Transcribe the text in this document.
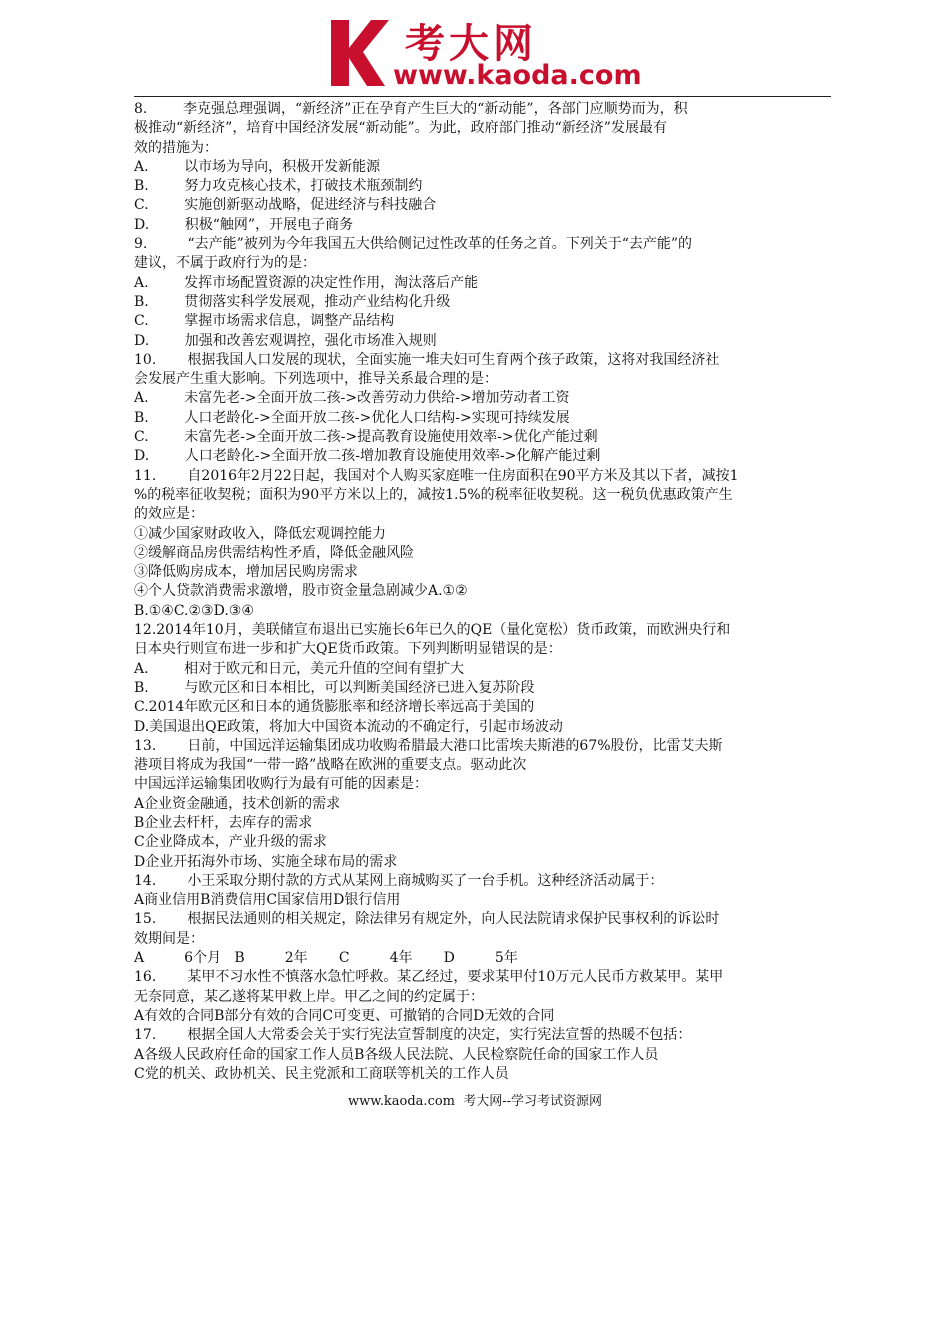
考大网
www.kaoda.com
8.        李克强总理强调，“新经济”正在孕育产生巨大的“新动能”，各部门应顺势而为，积
极推动“新经济”，培育中国经济发展“新动能”。为此，政府部门推动“新经济”发展最有
效的措施为：
A.        以市场为导向，积极开发新能源
B.        努力攻克核心技术，打破技术瓶颈制约
C.        实施创新驱动战略，促进经济与科技融合
D.        积极“触网”，开展电子商务
9.         “去产能”被列为今年我国五大供给侧记过性改革的任务之首。下列关于“去产能”的
建议，不属于政府行为的是：
A.        发挥市场配置资源的决定性作用，淘汰落后产能
B.        贯彻落实科学发展观，推动产业结构化升级
C.        掌握市场需求信息，调整产品结构
D.        加强和改善宏观调控，强化市场准入规则
10.       根据我国人口发展的现状，全面实施一堆夫妇可生育两个孩子政策，这将对我国经济社
会发展产生重大影响。下列选项中，推导关系最合理的是：
A.        未富先老->全面开放二孩->改善劳动力供给->增加劳动者工资
B.        人口老龄化->全面开放二孩->优化人口结构->实现可持续发展
C.        未富先老->全面开放二孩->提高教育设施使用效率->优化产能过剩
D.        人口老龄化->全面开放二孩-增加教育设施使用效率->化解产能过剩
11.       自2016年2月22日起，我国对个人购买家庭唯一住房面积在90平方米及其以下者，减按1
%的税率征收契税；面积为90平方米以上的，减按1.5%的税率征收契税。这一税负优惠政策产生
的效应是：
①减少国家财政收入，降低宏观调控能力
②缓解商品房供需结构性矛盾，降低金融风险
③降低购房成本，增加居民购房需求
④个人贷款消费需求激增，股市资金量急剧减少A.①②
B.①④C.②③D.③④
12.2014年10月，美联储宣布退出已实施长6年已久的QE（量化宽松）货币政策，而欧洲央行和
日本央行则宣布进一步和扩大QE货币政策。下列判断明显错误的是：
A.        相对于欧元和日元，美元升值的空间有望扩大
B.        与欧元区和日本相比，可以判断美国经济已进入复苏阶段
C.2014年欧元区和日本的通货膨胀率和经济增长率远高于美国的
D.美国退出QE政策，将加大中国资本流动的不确定行，引起市场波动
13.       日前，中国远洋运输集团成功收购希腊最大港口比雷埃夫斯港的67%股份，比雷艾夫斯
港项目将成为我国“一带一路”战略在欧洲的重要支点。驱动此次
中国远洋运输集团收购行为最有可能的因素是：
A企业资金融通，技术创新的需求
B企业去杆杆，去库存的需求
C企业降成本，产业升级的需求
D企业开拓海外市场、实施全球布局的需求
14.       小王采取分期付款的方式从某网上商城购买了一台手机。这种经济活动属于：
A商业信用B消费信用C国家信用D银行信用
15.       根据民法通则的相关规定，除法律另有规定外，向人民法院请求保护民事权利的诉讼时
效期间是：
A         6个月   B         2年       C         4年       D         5年
16.       某甲不习水性不慎落水急忙呼救。某乙经过，要求某甲付10万元人民币方救某甲。某甲
无奈同意，某乙遂将某甲救上岸。甲乙之间的约定属于：
A有效的合同B部分有效的合同C可变更、可撤销的合同D无效的合同
17.       根据全国人大常委会关于实行宪法宣誓制度的决定，实行宪法宣誓的热暖不包括：
A各级人民政府任命的国家工作人员B各级人民法院、人民检察院任命的国家工作人员
C党的机关、政协机关、民主党派和工商联等机关的工作人员
www.kaoda.com  考大网--学习考试资源网
